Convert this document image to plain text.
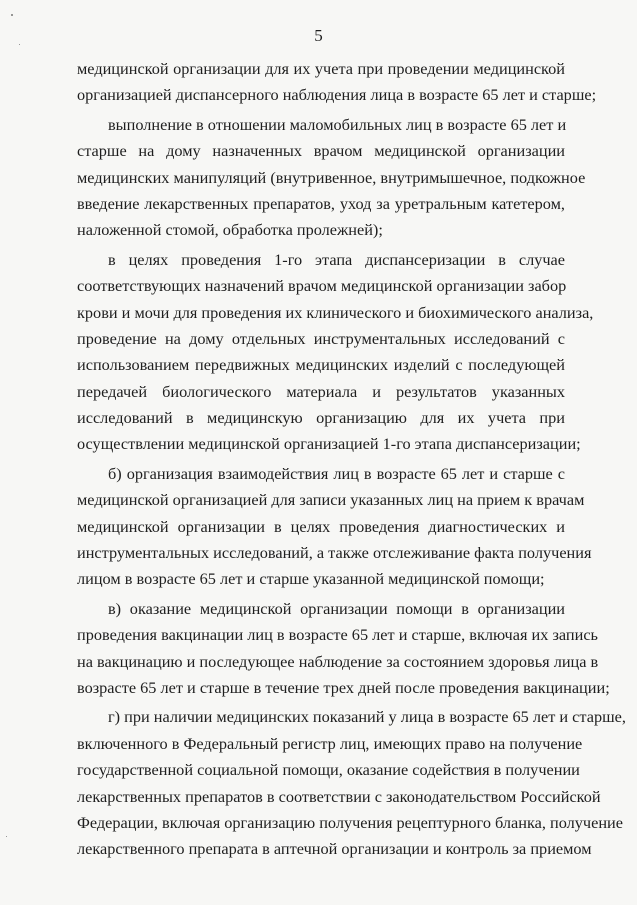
5
медицинской организации для их учета при проведении медицинской
организацией диспансерного наблюдения лица в возрасте 65 лет и старше;
выполнение в отношении маломобильных лиц в возрасте 65 лет и
старше на дому назначенных врачом медицинской организации
медицинских манипуляций (внутривенное, внутримышечное, подкожное
введение лекарственных препаратов, уход за уретральным катетером,
наложенной стомой, обработка пролежней);
в целях проведения 1-го этапа диспансеризации в случае
соответствующих назначений врачом медицинской организации забор
крови и мочи для проведения их клинического и биохимического анализа,
проведение на дому отдельных инструментальных исследований с
использованием передвижных медицинских изделий с последующей
передачей биологического материала и результатов указанных
исследований в медицинскую организацию для их учета при
осуществлении медицинской организацией 1-го этапа диспансеризации;
б) организация взаимодействия лиц в возрасте 65 лет и старше с
медицинской организацией для записи указанных лиц на прием к врачам
медицинской организации в целях проведения диагностических и
инструментальных исследований, а также отслеживание факта получения
лицом в возрасте 65 лет и старше указанной медицинской помощи;
в) оказание медицинской организации помощи в организации
проведения вакцинации лиц в возрасте 65 лет и старше, включая их запись
на вакцинацию и последующее наблюдение за состоянием здоровья лица в
возрасте 65 лет и старше в течение трех дней после проведения вакцинации;
г) при наличии медицинских показаний у лица в возрасте 65 лет и старше,
включенного в Федеральный регистр лиц, имеющих право на получение
государственной социальной помощи, оказание содействия в получении
лекарственных препаратов в соответствии с законодательством Российской
Федерации, включая организацию получения рецептурного бланка, получение
лекарственного препарата в аптечной организации и контроль за приемом
